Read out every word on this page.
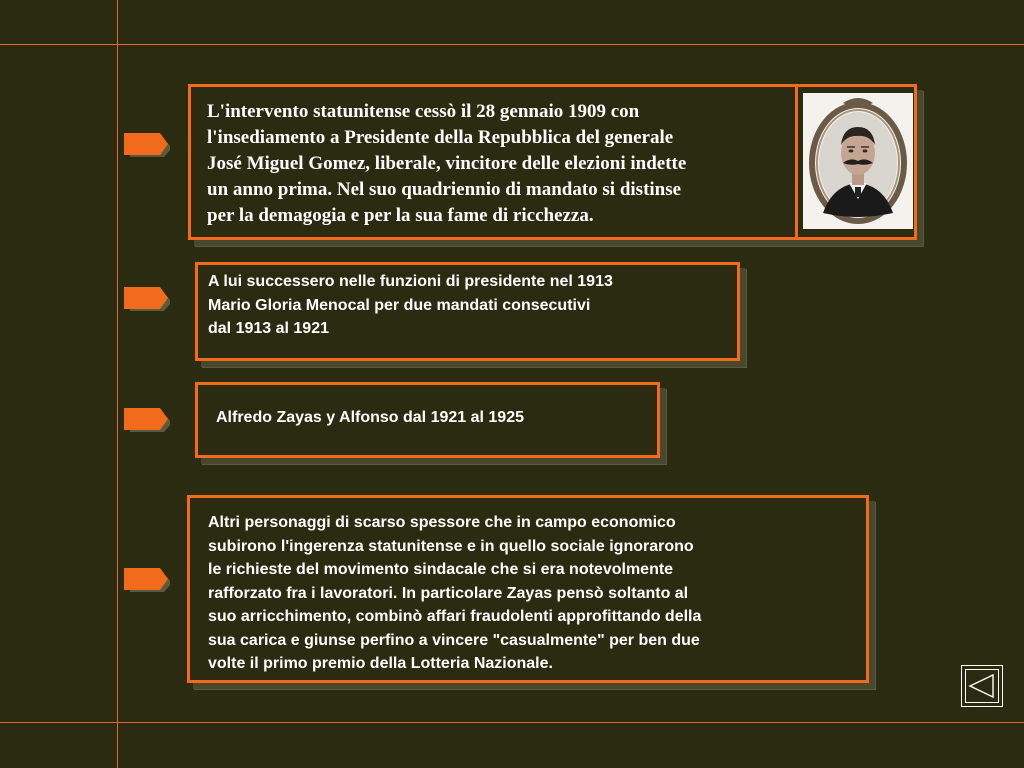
L'intervento statunitense cessò il 28 gennaio 1909 con
l'insediamento a Presidente della Repubblica del generale
José Miguel Gomez, liberale, vincitore delle elezioni indette
un anno prima. Nel suo quadriennio di mandato si distinse
per la demagogia e per la sua fame di ricchezza.
A lui successero nelle funzioni di presidente nel 1913
Mario Gloria Menocal per due mandati consecutivi
dal 1913 al 1921
Alfredo Zayas y Alfonso dal 1921 al 1925
Altri personaggi di scarso spessore che in campo economico
subirono l'ingerenza statunitense e in quello sociale ignorarono
le richieste del movimento sindacale che si era notevolmente
rafforzato fra i lavoratori. In particolare Zayas pensò soltanto al
suo arricchimento, combinò affari fraudolenti approfittando della
sua carica e giunse perfino a vincere "casualmente" per ben due
volte il primo premio della Lotteria Nazionale.
